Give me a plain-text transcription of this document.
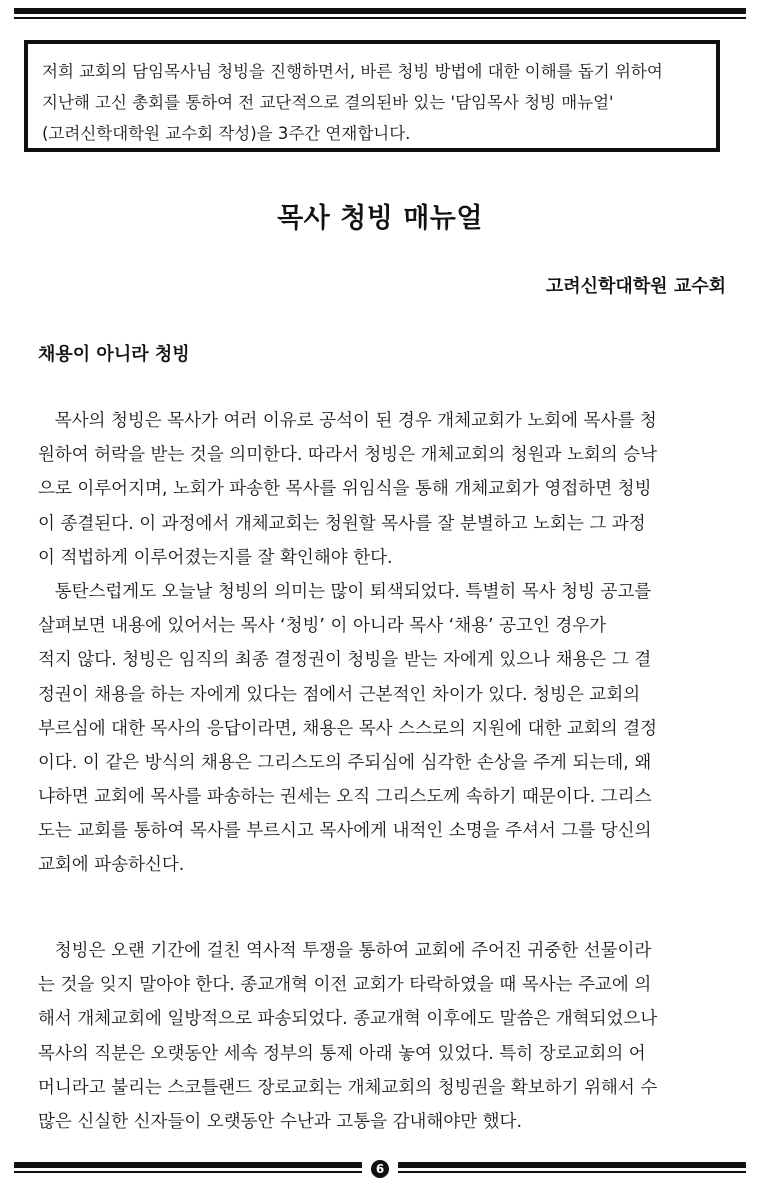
저희 교회의 담임목사님 청빙을 진행하면서, 바른 청빙 방법에 대한 이해를 돕기 위하여

지난해 고신 총회를 통하여 전 교단적으로 결의된바 있는 '담임목사 청빙 매뉴얼'

(고려신학대학원 교수회 작성)을 3주간 연재합니다.

목사 청빙 매뉴얼
고려신학대학원 교수회
채용이 아니라 청빙
목사의 청빙은 목사가 여러 이유로 공석이 된 경우 개체교회가 노회에 목사를 청
원하여 허락을 받는 것을 의미한다. 따라서 청빙은 개체교회의 청원과 노회의 승낙
으로 이루어지며, 노회가 파송한 목사를 위임식을 통해 개체교회가 영접하면 청빙
이 종결된다. 이 과정에서 개체교회는 청원할 목사를 잘 분별하고 노회는 그 과정
이 적법하게 이루어졌는지를 잘 확인해야 한다.
통탄스럽게도 오늘날 청빙의 의미는 많이 퇴색되었다. 특별히 목사 청빙 공고를
살펴보면 내용에 있어서는 목사 ‘청빙’ 이 아니라 목사 ‘채용’ 공고인 경우가
적지 않다. 청빙은 임직의 최종 결정권이 청빙을 받는 자에게 있으나 채용은 그 결
정권이 채용을 하는 자에게 있다는 점에서 근본적인 차이가 있다. 청빙은 교회의
부르심에 대한 목사의 응답이라면, 채용은 목사 스스로의 지원에 대한 교회의 결정
이다. 이 같은 방식의 채용은 그리스도의 주되심에 심각한 손상을 주게 되는데, 왜
냐하면 교회에 목사를 파송하는 권세는 오직 그리스도께 속하기 때문이다. 그리스
도는 교회를 통하여 목사를 부르시고 목사에게 내적인 소명을 주셔서 그를 당신의
교회에 파송하신다.
청빙은 오랜 기간에 걸친 역사적 투쟁을 통하여 교회에 주어진 귀중한 선물이라
는 것을 잊지 말아야 한다. 종교개혁 이전 교회가 타락하였을 때 목사는 주교에 의
해서 개체교회에 일방적으로 파송되었다. 종교개혁 이후에도 말씀은 개혁되었으나
목사의 직분은 오랫동안 세속 정부의 통제 아래 놓여 있었다. 특히 장로교회의 어
머니라고 불리는 스코틀랜드 장로교회는 개체교회의 청빙권을 확보하기 위해서 수
많은 신실한 신자들이 오랫동안 수난과 고통을 감내해야만 했다.
6
